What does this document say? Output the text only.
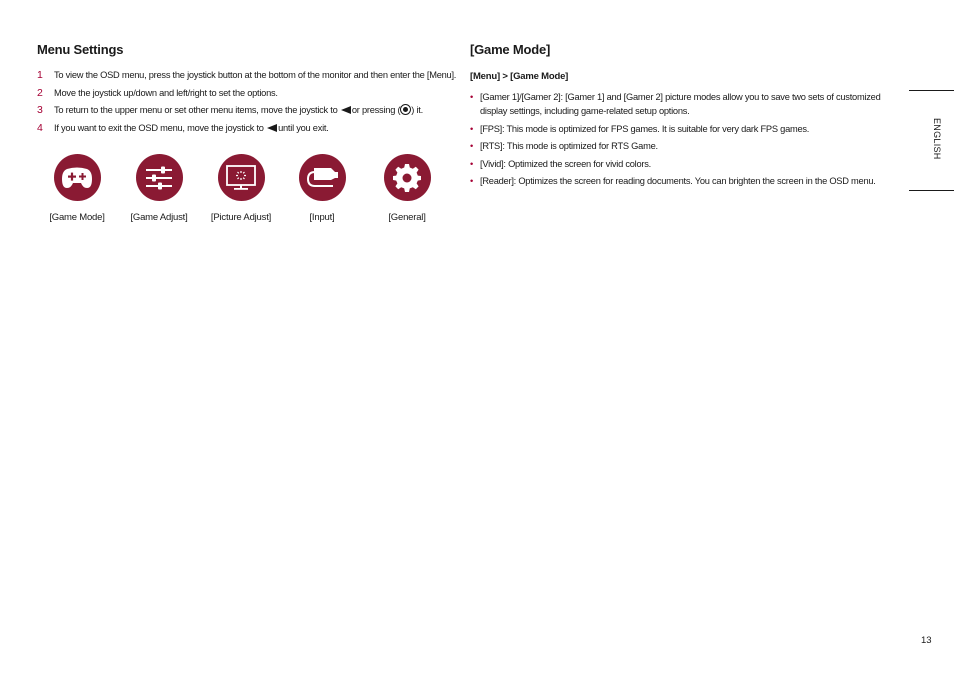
Menu Settings
1 To view the OSD menu, press the joystick button at the bottom of the monitor and then enter the [Menu].
2 Move the joystick up/down and left/right to set the options.
3 To return to the upper menu or set other menu items, move the joystick to or pressing ( ) it.
4 If you want to exit the OSD menu, move the joystick to until you exit.
[Game Mode]	[Game Adjust]	[Picture Adjust]	[Input]	[General]
[Game Mode]
[Menu] > [Game Mode]
• [Gamer 1]/[Gamer 2]: [Gamer 1] and [Gamer 2] picture modes allow you to save two sets of customized display settings, including game-related setup options.
• [FPS]: This mode is optimized for FPS games. It is suitable for very dark FPS games.
• [RTS]: This mode is optimized for RTS Game.
• [Vivid]: Optimized the screen for vivid colors.
• [Reader]: Optimizes the screen for reading documents. You can brighten the screen in the OSD menu.
ENGLISH
13
